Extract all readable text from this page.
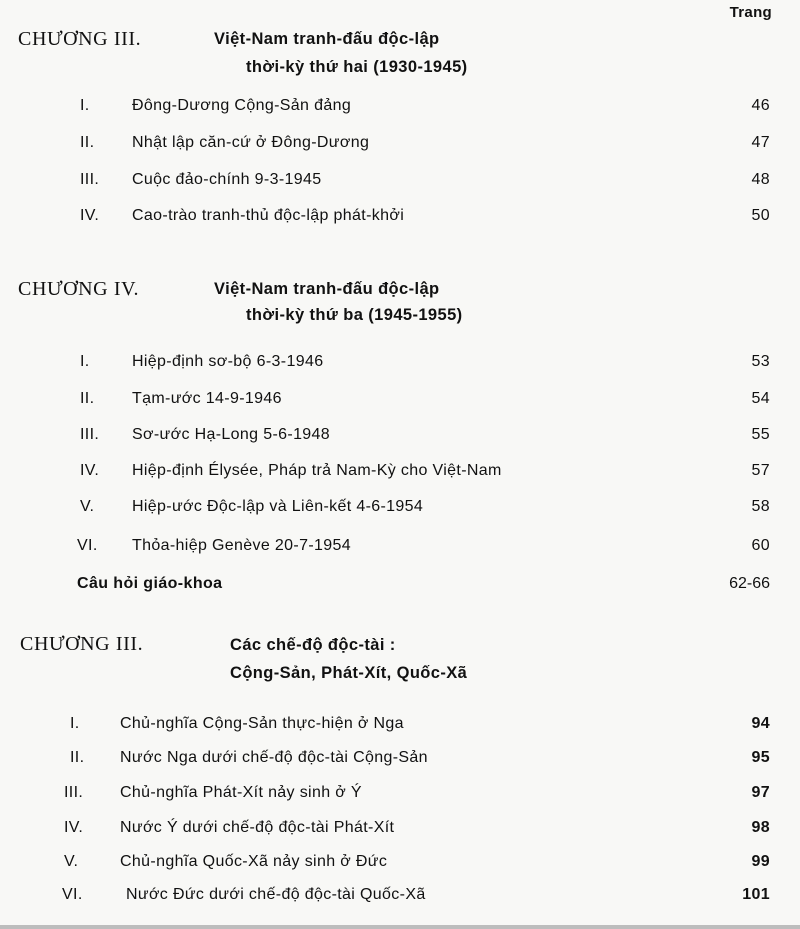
Trang
CHƯƠNG III.	Việt-Nam tranh-đấu độc-lập
thời-kỳ thứ hai (1930-1945)
I.	Đông-Dương Cộng-Sản đảng	46
II. Nhật lập căn-cứ ở Đông-Dương	47
III. Cuộc đảo-chính 9-3-1945	48
IV. Cao-trào tranh-thủ độc-lập phát-khởi	50
CHƯƠNG IV.	Việt-Nam tranh-đấu độc-lập
thời-kỳ thứ ba (1945-1955)
I.	Hiệp-định sơ-bộ 6-3-1946	53
II. Tạm-ước 14-9-1946	54
III. Sơ-ước Hạ-Long 5-6-1948	55
IV. Hiệp-định Élysée, Pháp trả Nam-Kỳ cho Việt-Nam	57
V. Hiệp-ước Độc-lập và Liên-kết 4-6-1954	58
VI. Thỏa-hiệp Genève 20-7-1954	60
Câu hỏi giáo-khoa	62-66
CHƯƠNG III.	Các chế-độ độc-tài :
Cộng-Sản, Phát-Xít, Quốc-Xã
I.	Chủ-nghĩa Cộng-Sản thực-hiện ở Nga	94
II. Nước Nga dưới chế-độ độc-tài Cộng-Sản	95
III. Chủ-nghĩa Phát-Xít nảy sinh ở Ý	97
IV. Nước Ý dưới chế-độ độc-tài Phát-Xít	98
V.	Chủ-nghĩa Quốc-Xã nảy sinh ở Đức	99
VI.	Nước Đức dưới chế-độ độc-tài Quốc-Xã	101
